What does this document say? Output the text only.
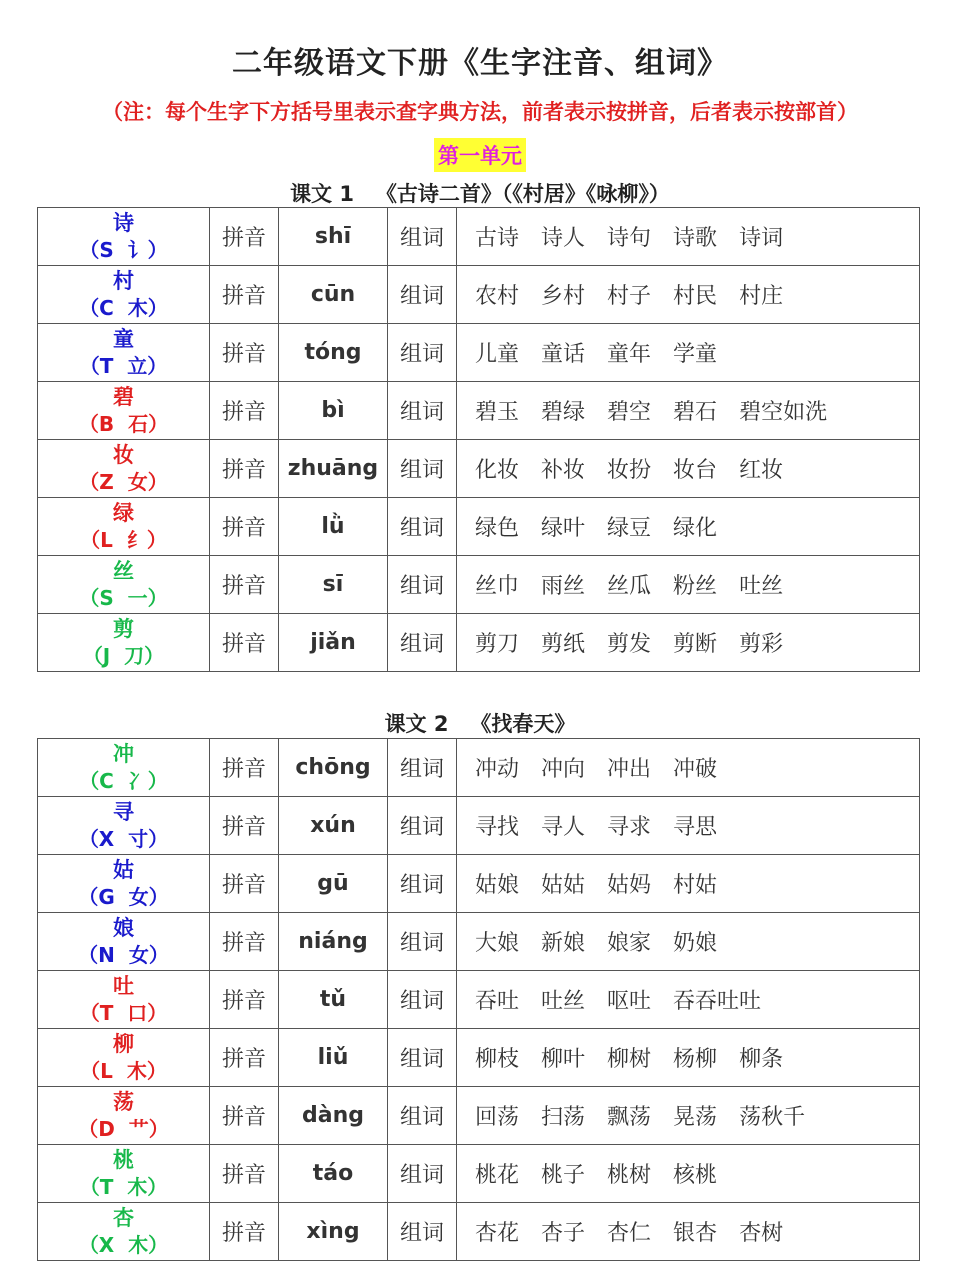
二年级语文下册《生字注音、组词》
（注：每个生字下方括号里表示查字典方法，前者表示按拼音，后者表示按部首）
第一单元
课文 1   《古诗二首》（《村居》《咏柳》）
诗
（S  讠）	拼音	shī	组词	古诗 诗人 诗句 诗歌 诗词

村
（C  木）	拼音	cūn	组词	农村 乡村 村子 村民 村庄

童
（T  立）	拼音	tóng	组词	儿童 童话 童年 学童

碧
（B  石）	拼音	bì	组词	碧玉 碧绿 碧空 碧石 碧空如洗

妆
（Z  女）	拼音	zhuāng	组词	化妆 补妆 妆扮 妆台 红妆

绿
（L  纟）	拼音	lǜ	组词	绿色 绿叶 绿豆 绿化

丝
（S  一）	拼音	sī	组词	丝巾 雨丝 丝瓜 粉丝 吐丝

剪
（J  刀）	拼音	jiǎn	组词	剪刀 剪纸 剪发 剪断 剪彩
课文 2   《找春天》
冲
（C  冫）	拼音	chōng	组词	冲动 冲向 冲出 冲破

寻
（X  寸）	拼音	xún	组词	寻找 寻人 寻求 寻思

姑
（G  女）	拼音	gū	组词	姑娘 姑姑 姑妈 村姑

娘
（N  女）	拼音	niáng	组词	大娘 新娘 娘家 奶娘

吐
（T  口）	拼音	tǔ	组词	吞吐 吐丝 呕吐 吞吞吐吐

柳
（L  木）	拼音	liǔ	组词	柳枝 柳叶 柳树 杨柳 柳条

荡
（D  艹）	拼音	dàng	组词	回荡 扫荡 飘荡 晃荡 荡秋千

桃
（T  木）	拼音	táo	组词	桃花 桃子 桃树 核桃

杏
（X  木）	拼音	xìng	组词	杏花 杏子 杏仁 银杏 杏树
